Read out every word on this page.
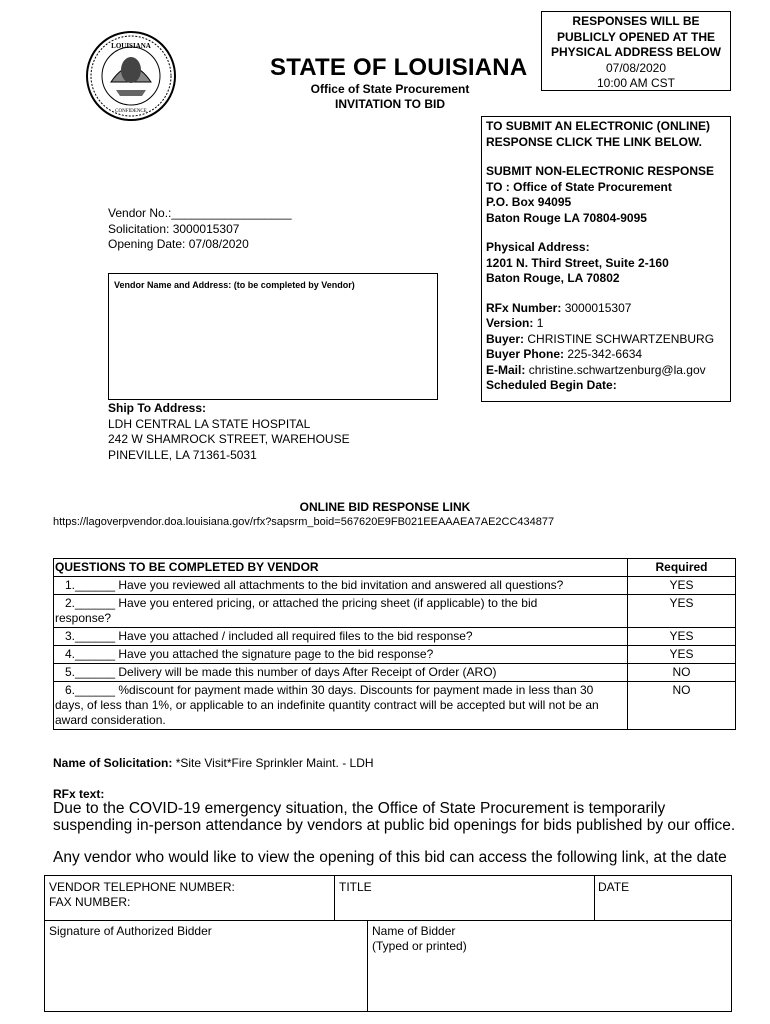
LOUISIANA
CONFIDENCE
RESPONSES WILL BE
PUBLICLY OPENED AT THE
PHYSICAL ADDRESS BELOW
07/08/2020
10:00 AM CST
STATE OF LOUISIANA
Office of State Procurement
INVITATION TO BID

TO SUBMIT AN ELECTRONIC (ONLINE)

RESPONSE CLICK THE LINK BELOW.

SUBMIT NON-ELECTRONIC RESPONSE

TO : Office of State Procurement

P.O. Box 94095

Baton Rouge LA 70804-9095

Physical Address:

1201 N. Third Street, Suite 2-160

Baton Rouge, LA 70802

RFx Number: 3000015307

Version: 1

Buyer: CHRISTINE SCHWARTZENBURG

Buyer Phone: 225-342-6634

E-Mail: christine.schwartzenburg@la.gov

Scheduled Begin Date:

Vendor No.:__________________
Solicitation: 3000015307
Opening Date: 07/08/2020
Vendor Name and Address: (to be completed by Vendor)
Ship To Address:
LDH CENTRAL LA STATE HOSPITAL
242 W SHAMROCK STREET, WAREHOUSE
PINEVILLE, LA 71361-5031
ONLINE BID RESPONSE LINK
https://lagoverpvendor.doa.louisiana.gov/rfx?sapsrm_boid=567620E9FB021EEAAAEA7AE2CC434877
QUESTIONS TO BE COMPLETED BY VENDOR	Required

1.______ Have you reviewed all attachments to the bid invitation and answered all questions?	YES

2.______ Have you entered pricing, or attached the pricing sheet (if applicable) to the bid
response?	YES

3.______ Have you attached / included all required files to the bid response?	YES

4.______ Have you attached the signature page to the bid response?	YES

5.______ Delivery will be made this number of days After Receipt of Order (ARO)	NO

6.______ %discount for payment made within 30 days. Discounts for payment made in less than 30
days, of less than 1%, or applicable to an indefinite quantity contract will be accepted but will not be an
award consideration.	NO
Name of Solicitation: *Site Visit*Fire Sprinkler Maint. - LDH
RFx text:

Due to the COVID-19 emergency situation, the Office of State Procurement is temporarily suspending in-person attendance by vendors at public bid openings for bids published by our office.

Any vendor who would like to view the opening of this bid can access the following link, at the date

VENDOR TELEPHONE NUMBER:
FAX NUMBER:
TITLE	DATE
Signature of Authorized Bidder	Name of Bidder
(Typed or printed)
